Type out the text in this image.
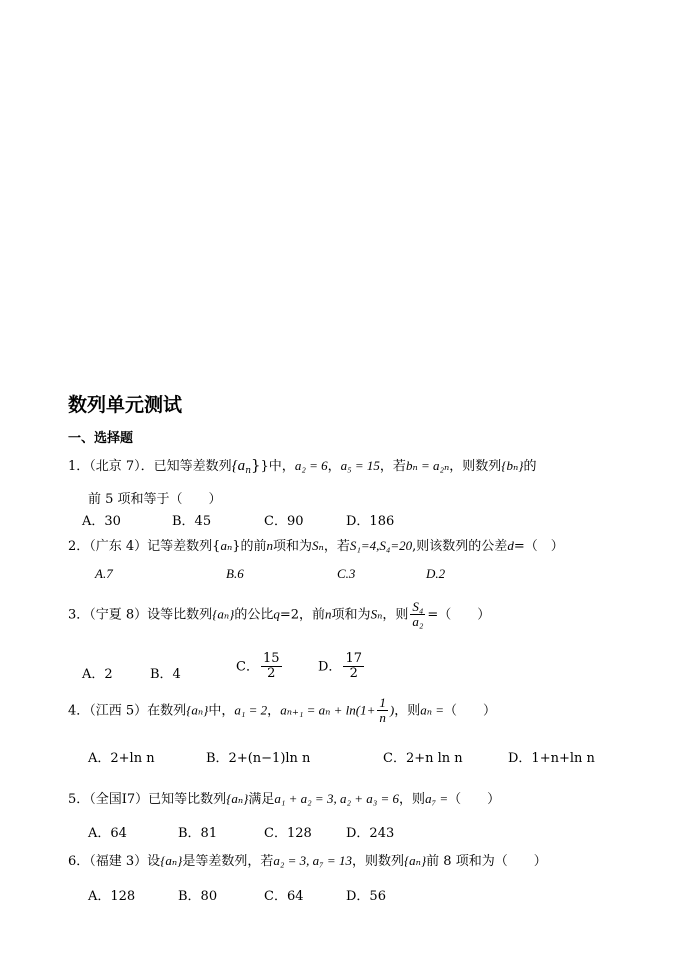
数列单元测试
一、选择题
1．（北京 7）．已知等差数列$\{a_n\}$}中，a₂ = 6，a₅ = 15，若bₙ = a₂ₙ，则数列{bₙ}的
前 5 项和等于（　　）
A．30	B．45	C．90	D．186
2．（广东 4）记等差数列{aₙ}的前n项和为Sₙ，若S₁=4,S₄=20,则该数列的公差d=（　）
A.7	B.6	C.3	D.2
3．（宁夏 8）设等比数列{aₙ}的公比q=2，前n项和为Sₙ，则 $\frac{\text{S₄}}{\text{a₂}}$ =（　　）
A．2	B．4
C． $\frac{15}{2}$	D． $\frac{17}{2}$
4．（江西 5）在数列{aₙ}中，a₁ = 2，$a_{n+1} = a_n + \ln(1+ \frac{1}{n}$ )，则aₙ =（　　）
A．2+ln n	B．2+(n−1)ln n	C．2+n ln n	D．1+n+ln n
5．（全国Ⅰ7）已知等比数列{aₙ}满足a₁ + a₂ = 3, a₂ + a₃ = 6，则a₇ =（　　）
A．64	B．81	C．128	D．243
6．（福建 3）设{aₙ}是等差数列，若a₂ = 3, a₇ = 13，则数列{aₙ}前 8 项和为（　　）
A．128	B．80	C．64	D．56
